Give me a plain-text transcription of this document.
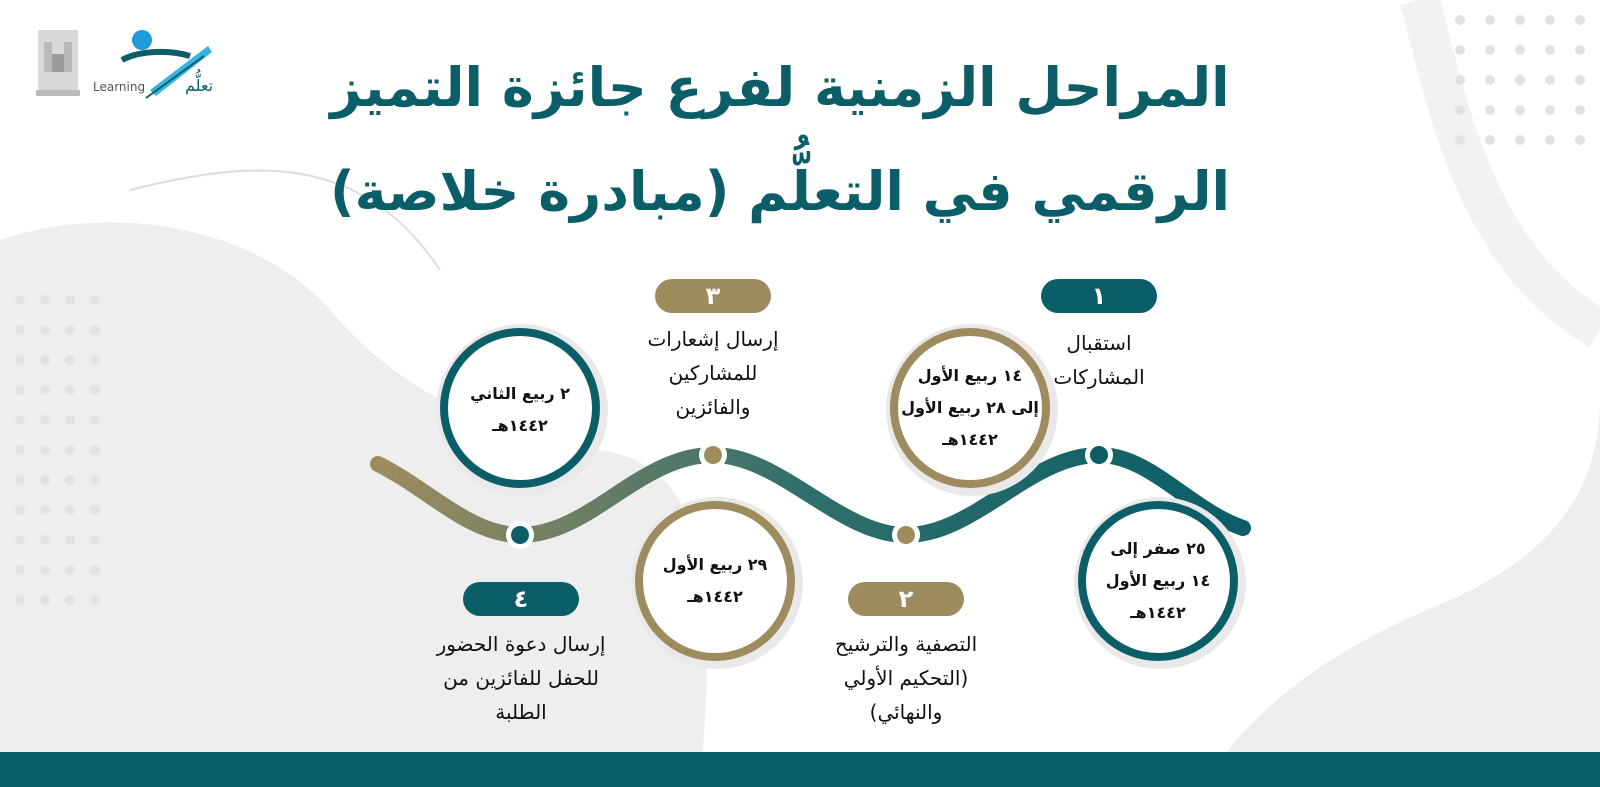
Learning تعلُّم	المراحل الزمنية لفرع جائزة التميز
الرقمي في التعلُّم (مبادرة خلاصة)
١
استقبال
المشاركات
٢٥ صفر إلى
١٤ ربيع الأول
١٤٤٢هـ
٢
التصفية والترشيح
(التحكيم الأولي
والنهائي)
١٤ ربيع الأول
إلى ٢٨ ربيع الأول
١٤٤٢هـ
٣
إرسال إشعارات
للمشاركين
والفائزين
٢٩ ربيع الأول
١٤٤٢هـ
٤
إرسال دعوة الحضور
للحفل للفائزين من
الطلبة
٢ ربيع الثاني
١٤٤٢هـ
